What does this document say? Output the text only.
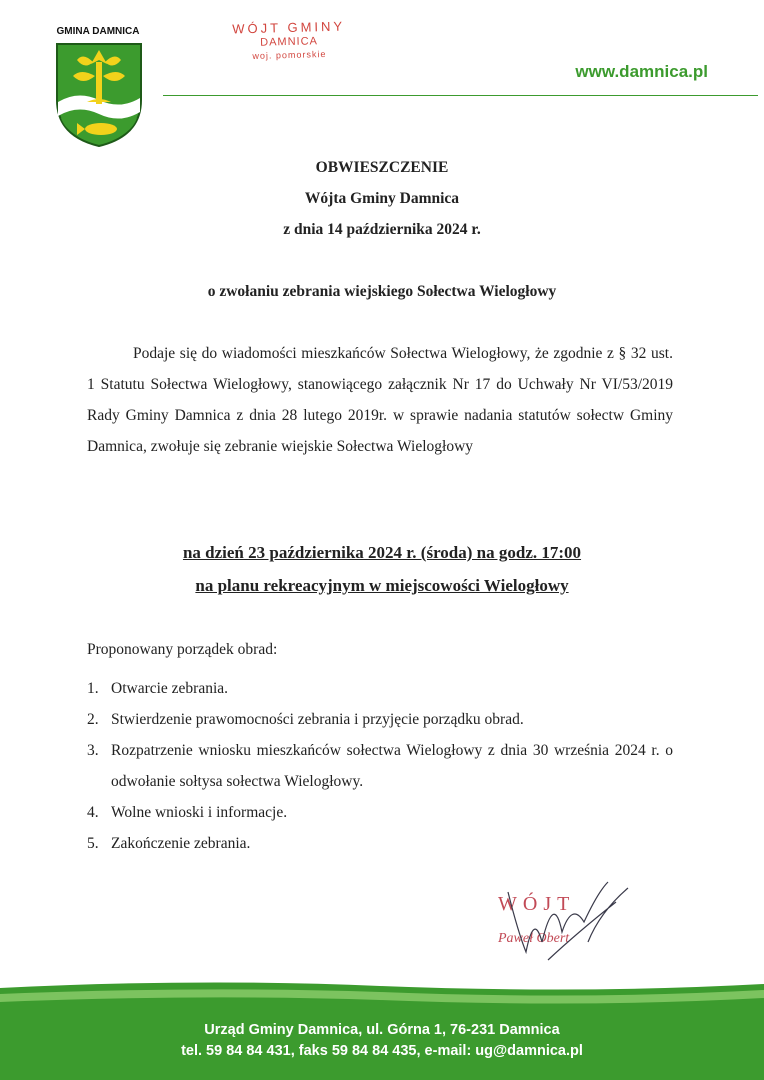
GMINA DAMNICA	WÓJT GMINY
DAMNICA
woj. pomorskie
www.damnica.pl
OBWIESZCZENIE
Wójta Gminy Damnica
z dnia 14 października 2024 r.
o zwołaniu zebrania wiejskiego Sołectwa Wielogłowy
Podaje się do wiadomości mieszkańców Sołectwa Wielogłowy, że zgodnie z § 32 ust. 1 Statutu Sołectwa Wielogłowy, stanowiącego załącznik Nr 17 do Uchwały Nr VI/53/2019 Rady Gminy Damnica z dnia 28 lutego 2019r. w sprawie nadania statutów sołectw Gminy Damnica, zwołuje się zebranie wiejskie Sołectwa Wielogłowy
na dzień 23 października 2024 r. (środa) na godz. 17:00
na planu rekreacyjnym w miejscowości Wielogłowy
Proponowany porządek obrad:
1. Otwarcie zebrania.
2. Stwierdzenie prawomocności zebrania i przyjęcie porządku obrad.
3. Rozpatrzenie wniosku mieszkańców sołectwa Wielogłowy z dnia 30 września 2024 r. o odwołanie sołtysa sołectwa Wielogłowy.
4. Wolne wnioski i informacje.
5. Zakończenie zebrania.
WÓJT
Paweł Obert
Urząd Gminy Damnica, ul. Górna 1, 76-231 Damnica
tel. 59 84 84 431, faks 59 84 84 435, e-mail: ug@damnica.pl
